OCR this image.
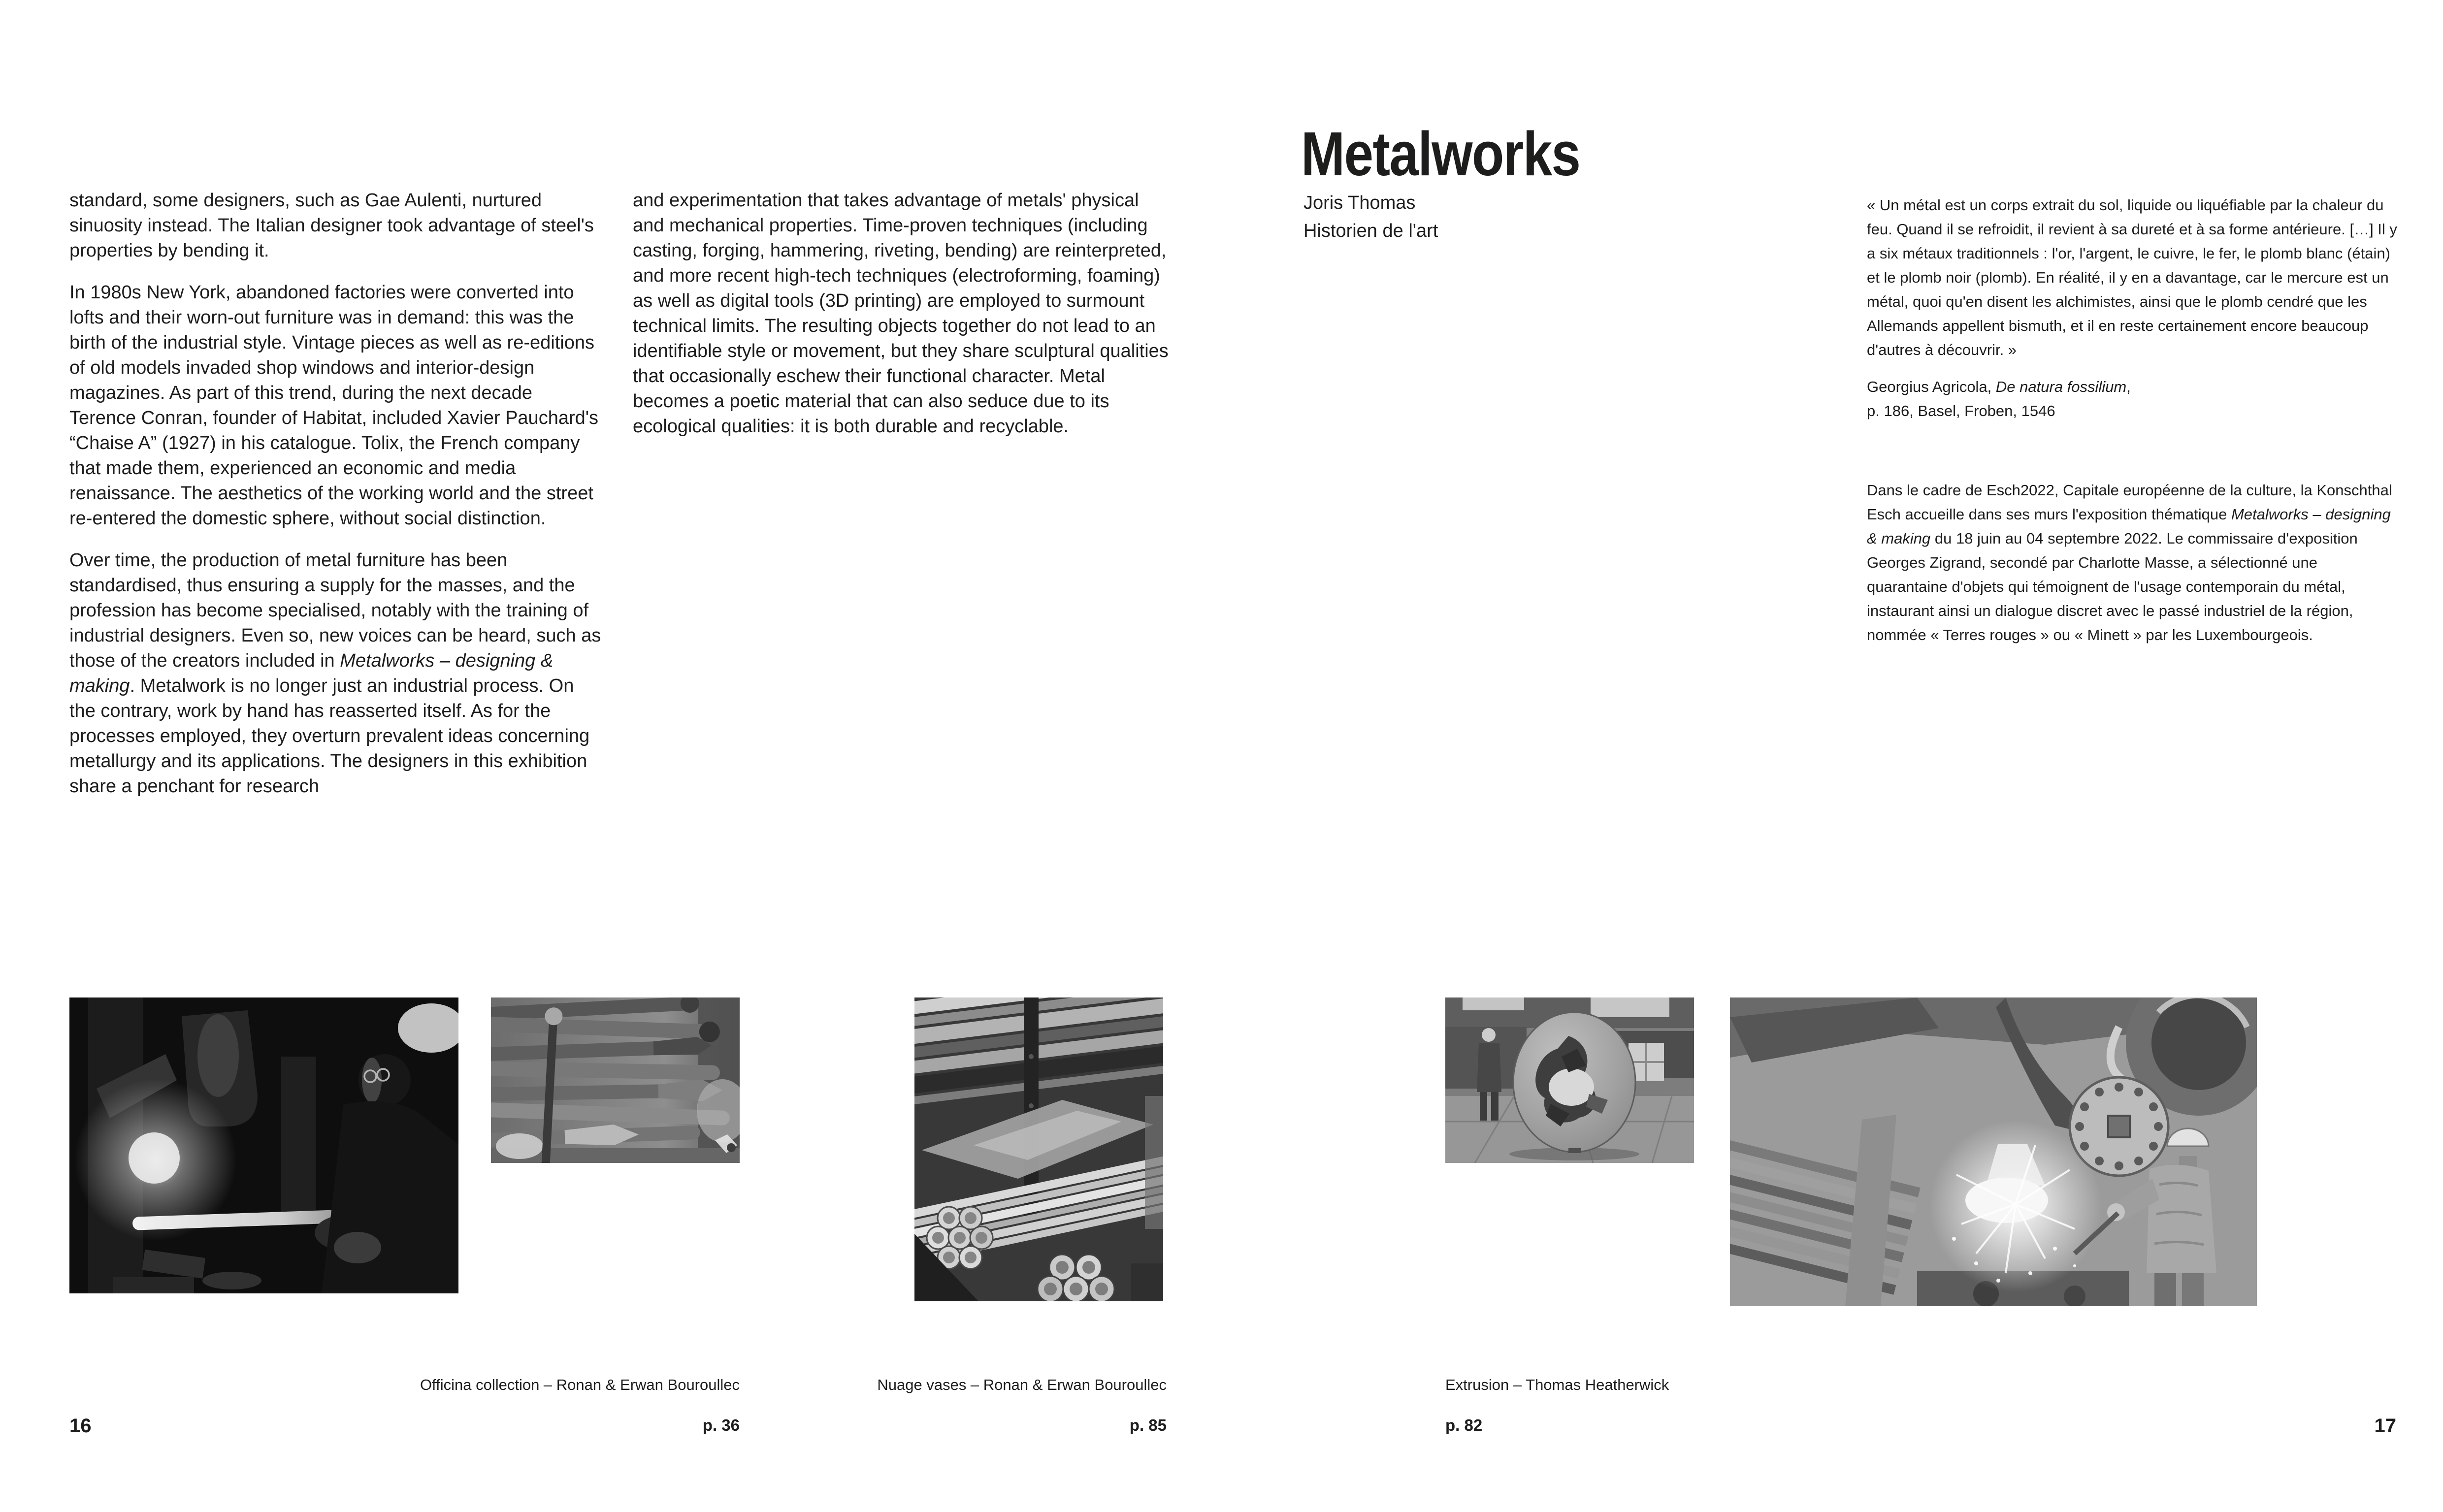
Metalworks

standard, some designers, such as Gae Aulenti, nurtured sinuosity instead. The Italian designer took advantage of steel's properties by bending it.

In 1980s New York, abandoned factories were converted into lofts and their worn-out furniture was in demand: this was the birth of the industrial style. Vintage pieces as well as re-editions of old models invaded shop windows and interior-design magazines. As part of this trend, during the next decade Terence Conran, founder of Habitat, included Xavier Pauchard's “Chaise A” (1927) in his catalogue. Tolix, the French company that made them, experienced an economic and media renaissance. The aesthetics of the working world and the street re-entered the domestic sphere, without social distinction.

Over time, the production of metal furniture has been standardised, thus ensuring a supply for the masses, and the profession has become specialised, notably with the training of industrial designers. Even so, new voices can be heard, such as those of the creators included in Metalworks – designing & making. Metalwork is no longer just an industrial process. On the contrary, work by hand has reasserted itself. As for the processes employed, they overturn prevalent ideas concerning metallurgy and its applications. The designers in this exhibition share a penchant for research

and experimentation that takes advantage of metals' physical and mechanical properties. Time-proven techniques (including casting, forging, hammering, riveting, bending) are reinterpreted, and more recent high-tech techniques (electroforming, foaming) as well as digital tools (3D printing) are employed to surmount technical limits. The resulting objects together do not lead to an identifiable style or movement, but they share sculptural qualities that occasionally eschew their functional character. Metal becomes a poetic material that can also seduce due to its ecological qualities: it is both durable and recyclable.

Joris Thomas
Historien de l'art

« Un métal est un corps extrait du sol, liquide ou liquéfiable par la chaleur du feu. Quand il se refroidit, il revient à sa dureté et à sa forme antérieure. […] Il y a six métaux traditionnels : l'or, l'argent, le cuivre, le fer, le plomb blanc (étain) et le plomb noir (plomb). En réalité, il y en a davantage, car le mercure est un métal, quoi qu'en disent les alchimistes, ainsi que le plomb cendré que les Allemands appellent bismuth, et il en reste certainement encore beaucoup d'autres à découvrir. »

Georgius Agricola, De natura fossilium,
p. 186, Basel, Froben, 1546

Dans le cadre de Esch2022, Capitale européenne de la culture, la Konschthal Esch accueille dans ses murs l'exposition thématique Metalworks – designing & making du 18 juin au 04 septembre 2022. Le commissaire d'exposition Georges Zigrand, secondé par Charlotte Masse, a sélectionné une quarantaine d'objets qui témoignent de l'usage contemporain du métal, instaurant ainsi un dialogue discret avec le passé industriel de la région, nommée « Terres rouges » ou « Minett » par les Luxembourgeois.

Officina collection – Ronan & Erwan Bouroullec
p. 36
Nuage vases – Ronan & Erwan Bouroullec
p. 85
Extrusion – Thomas Heatherwick
p. 82
16	17
